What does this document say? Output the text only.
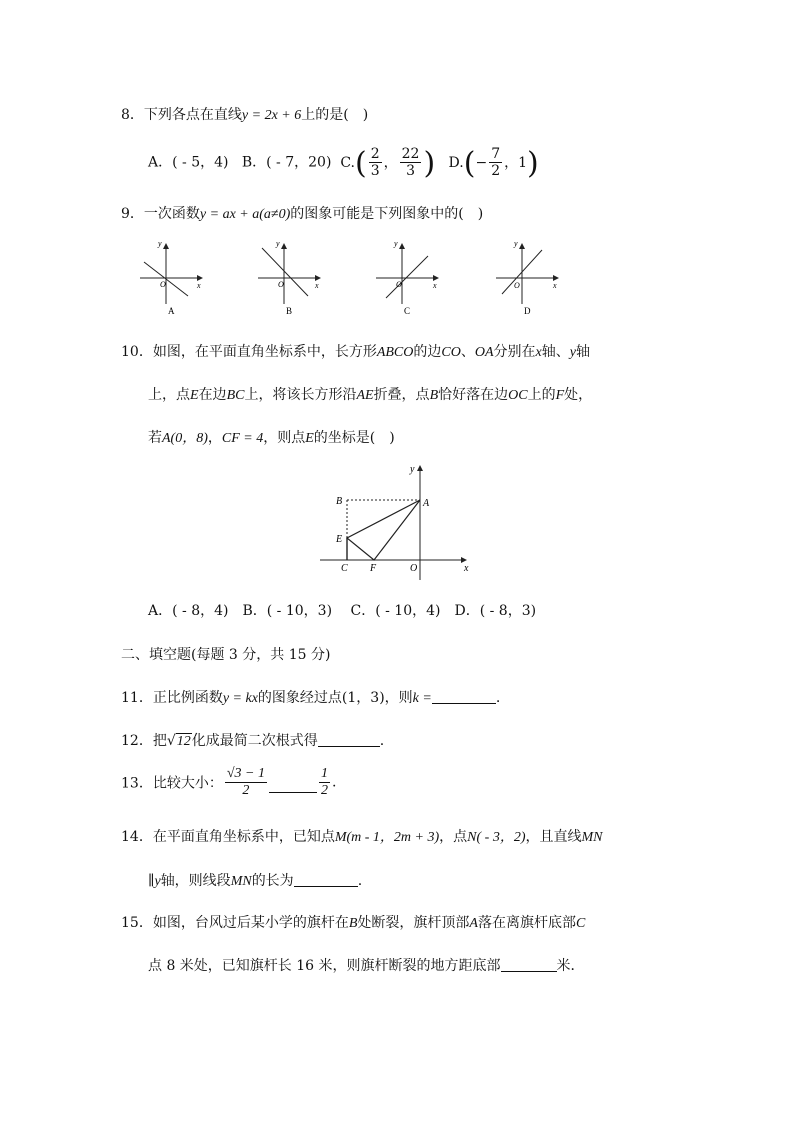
8．下列各点在直线y = 2x + 6上的是(　)
A．( - 5，4) B．( - 7，20) $C.( \frac{2}{3}$ ， $\frac{22}{3}$ ) $D.(- \frac{7}{2}$ ，1)
9．一次函数y = ax + a(a≠0)的图象可能是下列图象中的(　)
y
x
O
A
y
x
O
B
y
x
O
C
y
x
O
D
10．如图，在平面直角坐标系中，长方形ABCO的边CO、OA分别在x轴、y轴
上，点E在边BC上，将该长方形沿AE折叠，点B恰好落在边OC上的F处，
若A(0，8)，CF = 4，则点E的坐标是(　)
B	A
E
C F	O	x
y
A．( - 8，4)　B．( - 10，3)　 C．( - 10，4)　D．( - 8，3)
二、填空题(每题 3 分，共 15 分)
11．正比例函数y = kx的图象经过点(1，3)，则k =	.
12．把√12化成最简二次根式得	.
13．比较大小： $\frac{√3 - 1}{2}$	$\frac{1}{2}$ .
14．在平面直角坐标系中，已知点M(m - 1，2m + 3)，点N( - 3，2)，且直线MN
∥y轴，则线段MN的长为	.
15．如图，台风过后某小学的旗杆在B处断裂，旗杆顶部A落在离旗杆底部C
点 8 米处，已知旗杆长 16 米，则旗杆断裂的地方距底部	米．
